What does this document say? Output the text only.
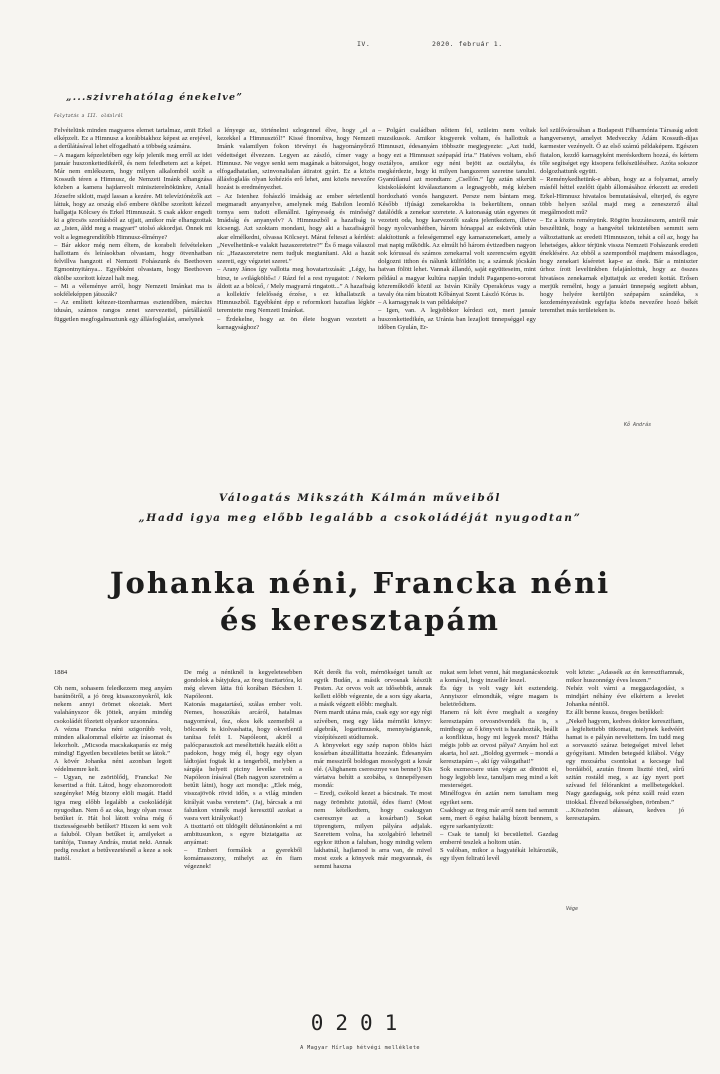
IV.	2020. február 1.
„...szivrehatólag énekelve”
Folytatás a III. oldalról

Felvételünk minden magyaros elemet tartalmaz, amit Erkel elképzelt. Ez a Himnusz a korábbiakhoz képest az erejével, a derűlátásával lehet elfogadható a többség számára.
– A magam képzeletében egy kép jelenik meg erről az idei január huszonkettedikéről, és nem feledhetem azt a képet. Már nem emlékszem, hogy milyen alkalomból szólt a Kossuth téren a Himnusz, de Nemzeti Imánk elhangzása közben a kamera hajdanvolt miniszterelnökünkre, Antall Józsefre siklott, majd lassan a kezére. Mi televíziónézők azt láttuk, hogy az ország első embere ökölbe szorított kézzel hallgatja Kölcsey és Erkel Himnuszát. S csak akkor engedi ki a görcsös szorításból az ujjait, amikor már elhangzottak az „Isten, áldd meg a magyart” utolsó akkordjai. Önnek mi volt a legmegrendítőbb Himnusz-élménye?
– Bár akkor még nem éltem, de korabeli felvételeken hallottam és leírásokban olvastam, hogy ötvenhatban felvillva hangzott el Nemzeti Fohászunk és Beethoven Egmontnyitánya... Egyébként olvastam, hogy Beethoven ökölbe szorított kézzel halt meg.
– Mi a véleménye arról, hogy Nemzeti Imánkat ma is sokféleképpen játsszák?
– Az említett kétezer-tizenharmas esztendőben, március idusán, számos rangos zenei szervezettel, pártállástól független megfogalmaztunk egy állásfoglalást, amelynek

a lényege az, történelmi szlogennel élve, hogy „el a kezekkel a Himnusztól!” Kissé finomítva, hogy Nemzeti Imánk valamilyen fokon törvényi és hagyományőrző védettséget élvezzen. Legyen az zászló, címer vagy a Himnusz. Ne vegye senki sem magának a bátorságot, hogy elfogadhatatlan, szinvonaltalan átiratot gyárt. Ez a közös állásfoglalás olyan kohéziós erő lehet, ami közös nevezőre hozást is eredményezhet.
– Az Istenhez fohászló imádság az ember sértetlenül megmaradt anyanyelve, amelynek még Babilon leomló tornya sem tudott ellenállni. Igényesség és minőség? Imádság és anyanyelv? A Himnuszból a hazafiság is kicsengj. Azt szoktam mondani, hogy aki a hazafiságról akar elmélkedni, olvassa Kölcseyt. Márai felteszi a kérdést: „Nevelhetünk-e valakit hazaszeretetre?” És ő maga válaszol rá: „Hazaszeretetre nem tudjuk megtanítani. Aki a hazát szereti, egy végzetet szeret.”
– Arany János így vallotta meg hovatartozását: „Légy, ha birsz, te »világköltő«! / Rázd fel a rest nyugatot: / Nekem áldott az a bölcső, / Mely magyarrá ringatott...” A hazafiság a kollektív felelősség érzése, s ez kihallatszik a Himnuszból. Egyébként épp e reformkori hazafias légkör teremtette meg Nemzeti Imánkat.
– Érdekelne, hogy az ön élete hogyan vezetett a karnagysághoz?

– Polgári családban nőttem fel, szüleim nem voltak muzsikusok. Amikor kisgyerek voltam, és hallottuk a Himnuszt, édesanyám többször megjegyezte: „Azt tudd, hogy ezt a Himnuszt szépapád írta.” Hatéves voltam, első osztályos, amikor egy néni bejött az osztályba, és megkérdezte, hogy ki milyen hangszeren szeretne tanulni. Gyanútlanul azt mondtam: „Csellón.” Így aztán sikerült kisiskolásként kiválasztanom a legnagyobb, még kézben hordozható vonós hangszert. Persze nem bántam meg. Később ifjúsági zenekarokba is bekerültem, onnan datálódik a zenekar szeretete. A katonaság után egyenes út vezetett oda, hogy karvezetői szakra jelentkeztem, illetve hogy nyolcvanhétben, három hónappal az esküvőnk után alakítottunk a feleségemmel egy kamarazenekart, amely a mai napig működik. Az elmúlt hő három évtizedben nagyon sok kórussal és számos zenekarral volt szerencsém együtt dolgozni itthon és nálunk külföldön is; a számuk jócskán hatvan fölött lehet. Vannak állandó, saját együtteseim, mint például a magyar kultúra napján indult Paganpeno-sororat közreműködő közül az István Király Operakórus vagy a tavaly óta rám bízatott Kőbányai Szent László Kórus is.
– A karnagynak is van példaképe?
– Igen, van. A legjobbkor kérdezi ezt, mert január huszonkettedikén, az Uránia ban lezajlott ünnepséggel egy időben Gyulán, Er-

kel szülővárosában a Budapesti Filharmónia Társaság adott hangversenyt, amelyet Medveczky Ádám Kossuth-díjas karmester vezényelt. Ő az első számú példaképem. Egészen fiatalon, kezdő karnagyként meréskedtem hozzá, és kértem tőle segítséget egy kisopera felkészüléséhez. Azóta sokszor dolgozhattunk együtt.
– Reménykedhetünk-e abban, hogy az a folyamat, amely másfél héttel ezelőtt újabb állomásához érkezett az eredeti Erkel-Himnusz hivatalos bemutatásával, elterjed, és egyre több helyen szólal majd meg a zeneszerző által megálmodott mű?
– Ez a közös reményünk. Rögtön hozzáteszem, amiről már beszéltünk, hogy a hangvétel tekintetében semmit sem változtattunk az eredeti Himnuszon, tehát a cél az, hogy ha lehetséges, akkor térjünk vissza Nemzeti Fohászunk eredeti éneklésére. Az ebből a szempontból majdnem másodlagos, hogy zenekari kíséretet kap-e az ének. Bár a miniszter úrhoz írott levelünkben felajánlottuk, hogy az összes hivatásos zenekarnak eljuttatjuk az eredeti kottát. Erősen merjük remélni, hogy a januári ünnepség segített abban, hogy helyére kerüljön szépapám szándéka, s kezdeményezésünk egyfajta közös nevezőre hozó békét teremthet más területeken is.

Kő András
Válogatás Mikszáth Kálmán műveiből
„Hadd igya meg előbb legalább a csokoládéját nyugodtan”
Johanka néni, Francka néni
és keresztapám

1884

Oh nem, sohasem feledkezem meg anyám barátnőiről, a jó öreg kisasszonyokról, kik nekem annyi örömet okoztak. Mert valahányszor ők jöttek, anyám mindég csokoládét főzetett olyankor uzsonnára.
A vézna Francka néni szigorúbb volt, minden alkalommal elkérte az írásomat és lekorholt. „Micsoda macskakaparás ez még mindig! Egyetlen becsületes betűt se látok.”
A kövér Johanka néni azonban legott védelmemre kelt.
– Ugyan, ne zsörtölődj, Francka! Ne keseritsd a fiút. Látod, hogy elszomorodott szegényke! Még bizony elöli magát. Hadd igya meg előbb legalább a csokoládéját nyugodtan. Nem ő az oka, hogy olyan rossz betűket ír. Hát hol látott volna még ő tisztességesebb betűket? Hiszen ki sem volt a faluból. Olyan betűket ír, amilyeket a tanítója, Tusnay András, mutat neki. Annak pedig reszket a betűvezetésnél a keze a sok itaitól.

De még a néniknél is kegyeletesebben gondolok a bátyjukra, az öreg tiszttartóra, ki még eleven látta fiú korában Bécsben I. Napóleont.
Katonás magatartású, szálas ember volt. Nemes, hosszúkás arcáról, hatalmas nagyorrával, ősz, okos kék szemeiből a bölcsnek is kiolvashatta, hogy okvetlenül tanítsa felét I. Napóleont, akiről a palócparasztok azt meséltették hazáik előtt a padokon, hogy még él, hogy egy olyan ládtojást fogtak ki a tengerből, melyben a sárgája helyett piciny levelke volt a Napóleon írásával (Beh nagyon szeretném a betűit látni), hogy azt mondja: „Elek még, visszajövök rövid időn, s a világ minden királyát vasba veretem”. (Jaj, bárcsak a mi falunkon vinnék majd keresztül azokat a vasra vert királyokat!)
A tiszttartó ott üldögélt délutánonként a mi ambitusunkon, s egyre biztatgatta az anyámat:
– Embert formálok a gyerekből komámasszony, mihelyt az én fiam végeznek!

Két derék fia volt, mérnökséget tanult az egyik Budán, a másik orvosnak készült Pesten. Az orvos volt az idősebbik, annak kellett előbb végeznie, de a sors úgy akarta, a másik végzett előbb: meghalt.
Nem mardt utána más, csak egy sor egy régi szívében, meg egy láda mérnöki könyv: algebrák, logaritmusok, mennyiségtanok, vízépítészeti stúdiumok.
A könyveket egy szép napon öblös házi kosárban átszállíttatta hozzánk. Édesanyám már messziről boldogan mosolygott a kosár elé. (Alighanem cseresznye van benne!) Kis vártatva behítt a szobába, s ünnepélyesen mondá:
– Eredj, csókold kezet a bácsinak. Te most nagy örömhöz jutottál, édes fiam! (Most nem kételkedtem, hogy csakugyan cseresznye az a kosárban!) Sokat töprengtem, milyen pályára adjalak. Szerettem volna, ha szolgabíró lehetnél egykor itthon a faluban, hogy mindig velem lakhatnál, hajlamod is arra van, de mivel most ezek a könyvek már megvannak, és semmi haszna

nukat sem lehet venni, hát megtanácskoztuk a komával, hogy inzsellér leszel.
És úgy is volt vagy két esztendeig. Annyiszor elmondták, végre magam is beletörődtem.
Hanem rá két évre meghalt a szegény keresztapám orvosnövendék fia is, s minthogy az ő könyveit is hazahozták, beállt a konfliktus, hogy mi legyek most? Hátha mégis jobb az orvosi pálya? Anyám hol ezt akarta, hol azt. „Boldog gyermek – mondá a keresztapám –, aki így válogathat!”
Sok eszmecsere után végre az döntött el, hogy legjobb lesz, tanuljam meg mind a két mesterséget.
Minélfogva én aztán nem tanultam meg egyiket sem.
Csakhogy az öreg már arról nem tud semmit sem, mert ő egész halálig bízott bennem, s egyre sarkantyúzott:
– Csak te tanulj ki becsülettel. Gazdag emberré teszlek a holtom után.
S valóban, mikor a hagyatékát leltározták, egy ilyen feliratú levél

volt közte: „Adassék az én keresztfiamnak, mikor huszonnégy éves leszen.”
Nehéz volt várni a meggazdagodást, s mindjárt néhány éve elkértem a levelet Johanka nénitől.
Ez állt benne kusza, öreges betűkkel:
„Nekeð hagyom, kedves doktor keresztfiam, a legfeltettebb titkomat, melynek kedvéért hamat is e pályán neveltettem. Ím tudd meg a sorvasztó száraz betegséget mivel lehet gyógyítani. Minden betegséd kilábol. Végy egy mozsárba csontokat a kecsege hal bordáiból, azután finom lisztté törd, sűrű szitán rostáld meg, s az így nyert port szívasd fel félórankint a mellbetegekkel. Nagy gazdagság, sok pénz száll reád ezen titokkal. Élvezd békességben, örömben.”
...Köszönöm alássan, kedves jó keresztapám.

Vége
0201
A Magyar Hírlap hétvégi melléklete
